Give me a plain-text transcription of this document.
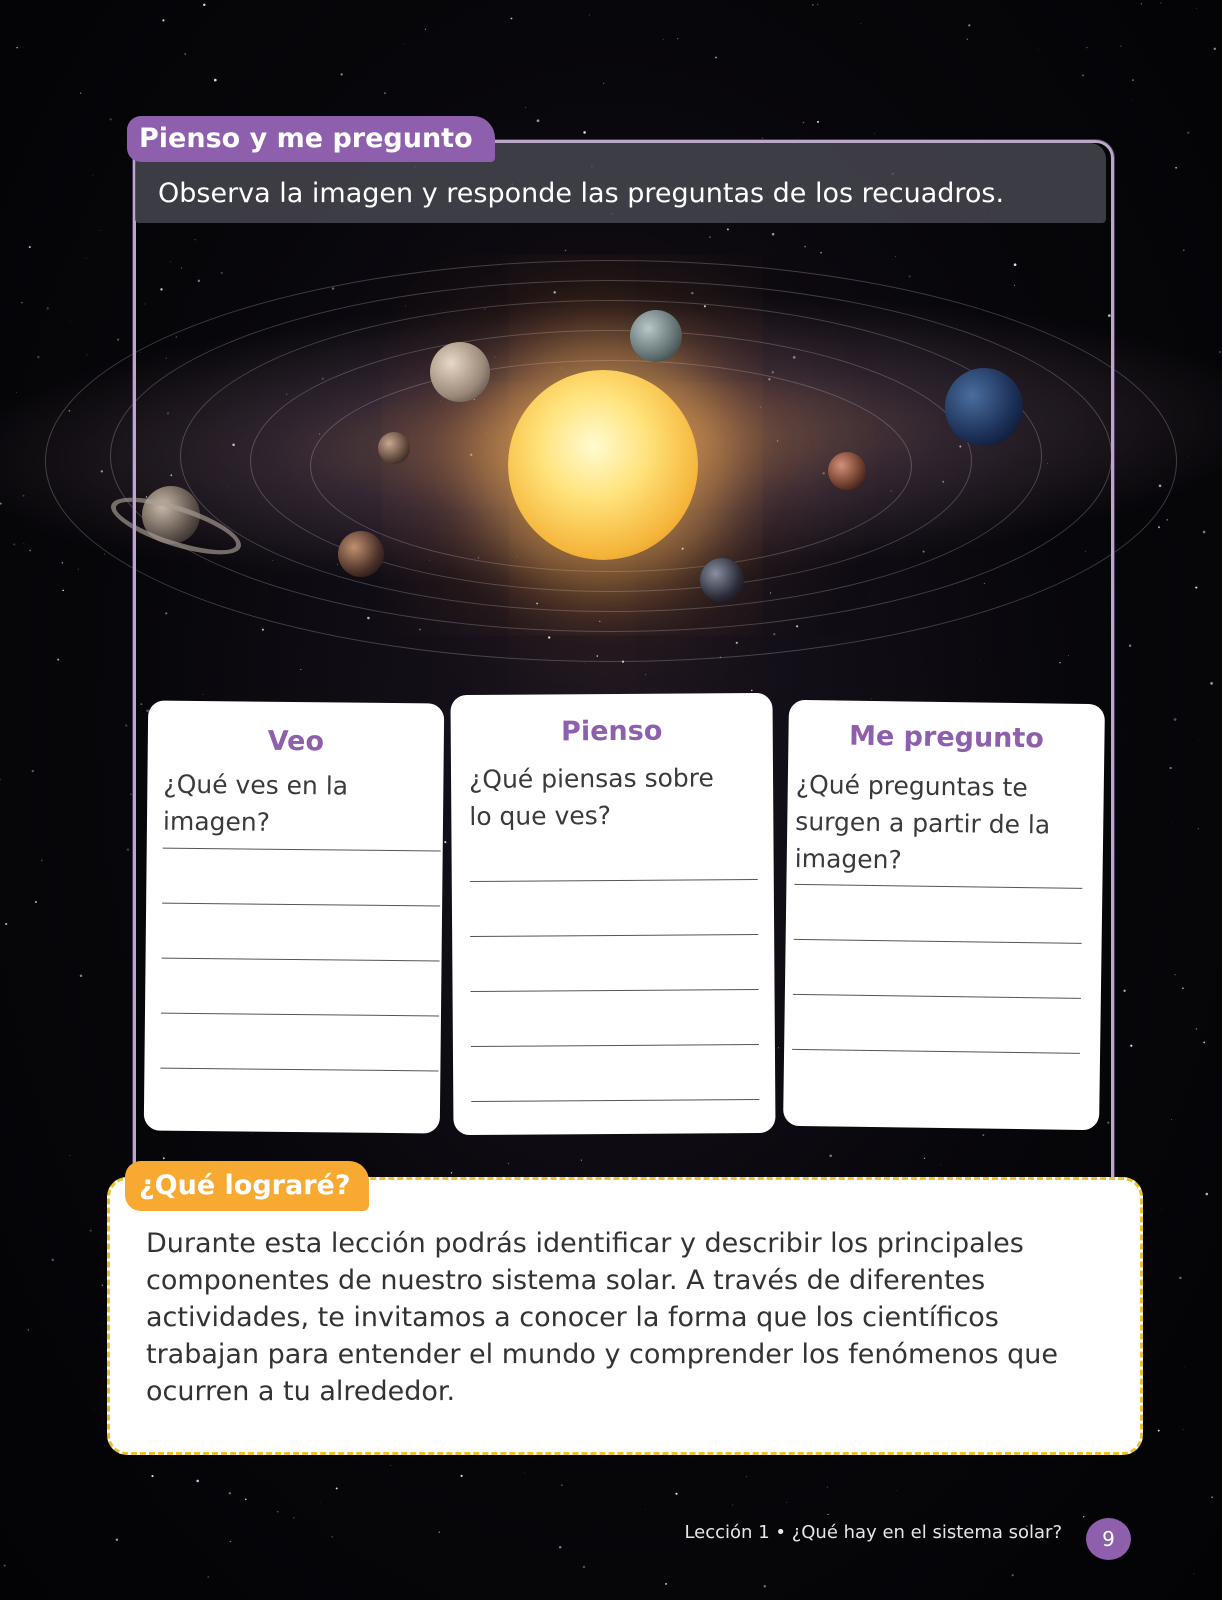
Pienso y me pregunto
Observa la imagen y responde las preguntas de los recuadros.
Veo
¿Qué ves en la imagen?
Pienso
¿Qué piensas sobre lo que ves?
Me pregunto
¿Qué preguntas te surgen a partir de la imagen?
¿Qué lograré?
Durante esta lección podrás identificar y describir los principales componentes de nuestro sistema solar. A través de diferentes actividades, te invitamos a conocer la forma que los científicos trabajan para entender el mundo y comprender los fenómenos que ocurren a tu alrededor.
Lección 1 • ¿Qué hay en el sistema solar?	9
